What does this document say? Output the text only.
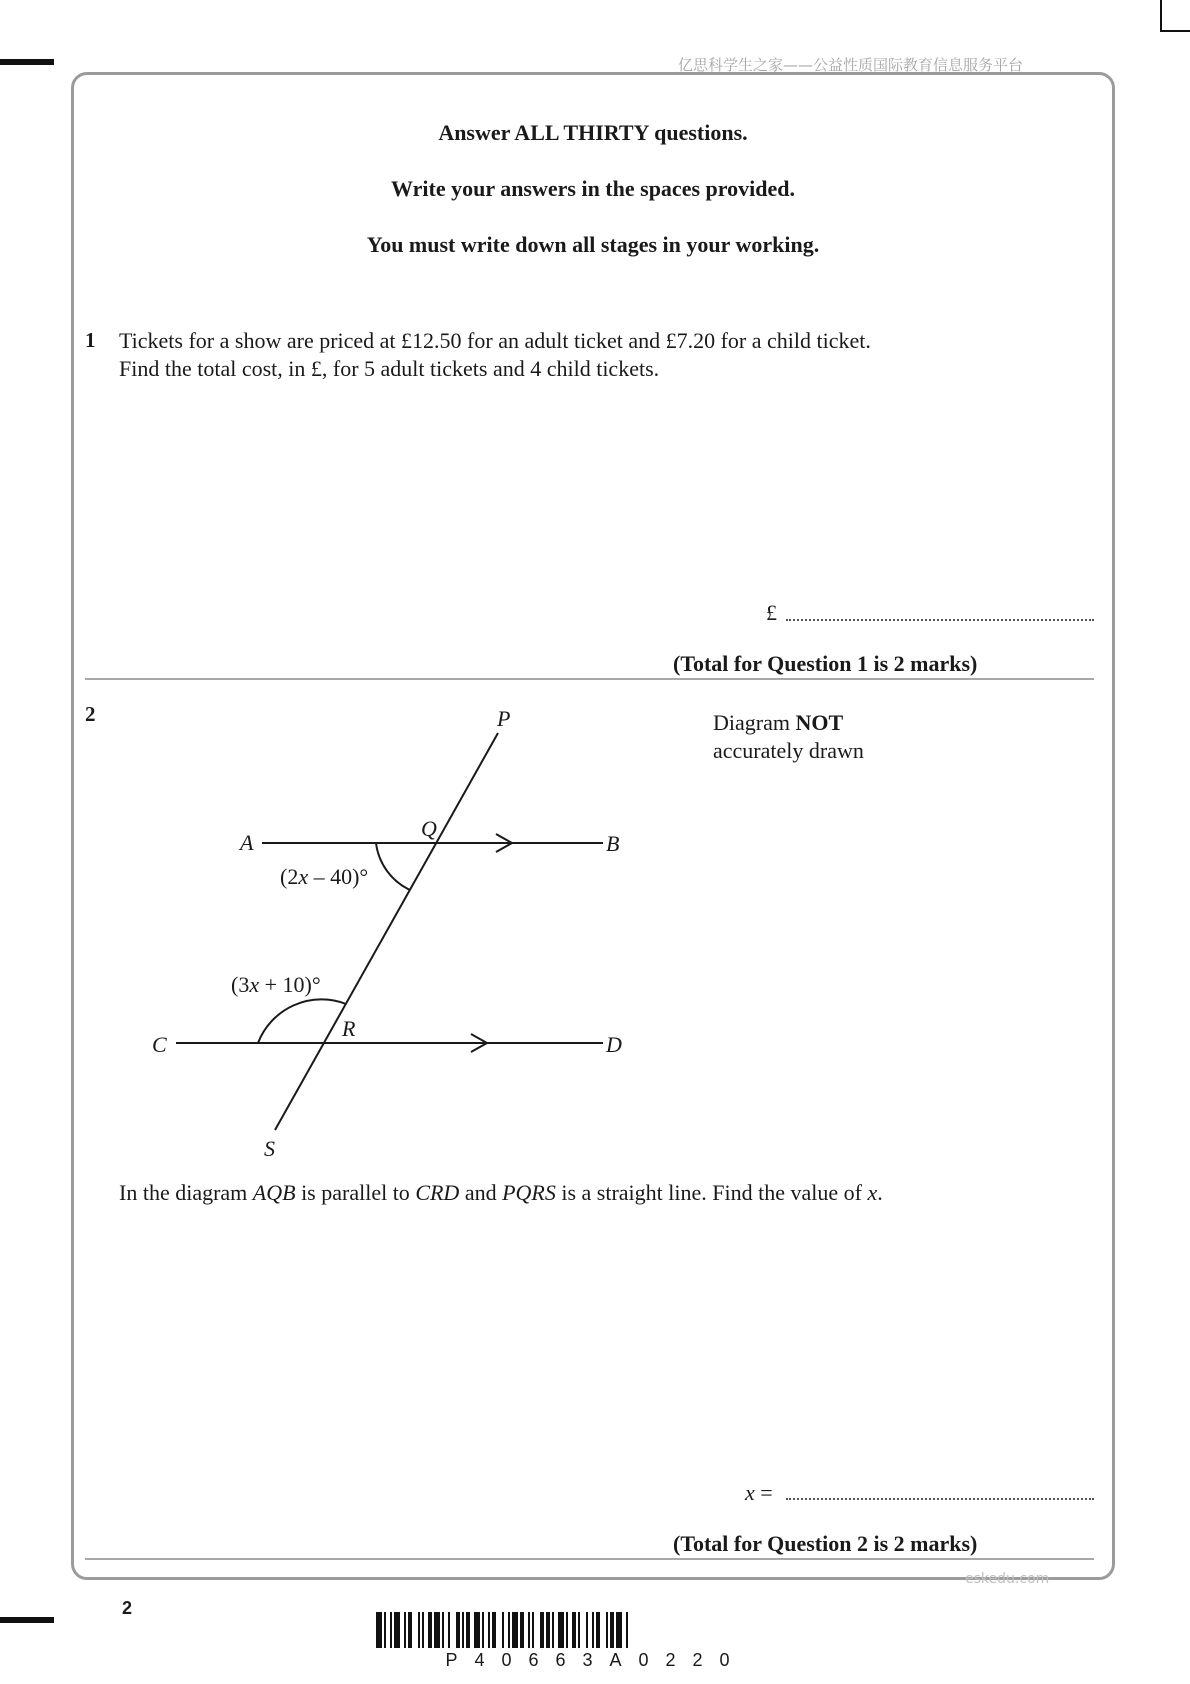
亿思科学生之家——公益性质国际教育信息服务平台
Answer ALL THIRTY questions.
Write your answers in the spaces provided.
You must write down all stages in your working.
1 Tickets for a show are priced at £12.50 for an adult ticket and £7.20 for a child ticket.
Find the total cost, in £, for 5 adult tickets and 4 child tickets.
£
(Total for Question 1 is 2 marks)
2	P
Q
A	B
C	D
R
S
(2x – 40)°
(3x + 10)°
Diagram NOT
accurately drawn
In the diagram AQB is parallel to CRD and PQRS is a straight line. Find the value of x.
x =
(Total for Question 2 is 2 marks)
eskedu.com
2
P40663A0220
